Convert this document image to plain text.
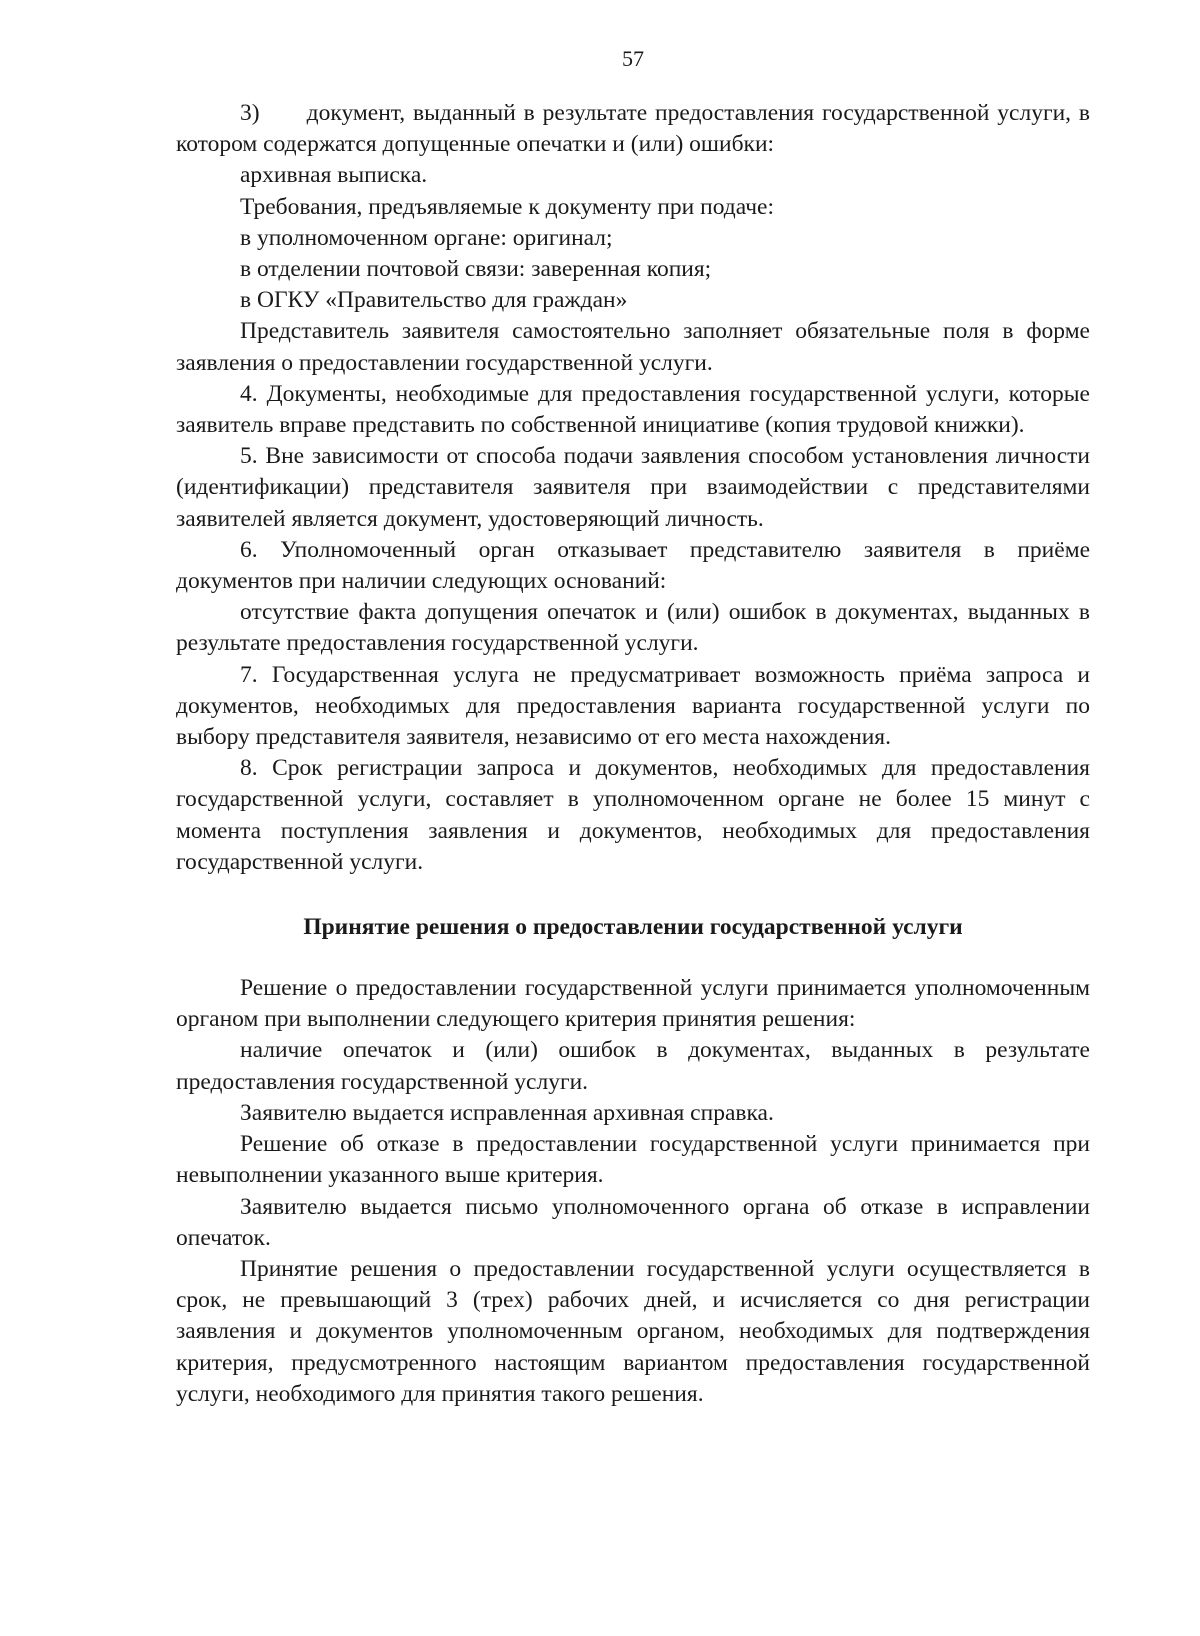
57

3)      документ, выданный в результате предоставления государственной услуги, в котором содержатся допущенные опечатки и (или) ошибки:

архивная выписка.

Требования, предъявляемые к документу при подаче:

в уполномоченном органе: оригинал;

в отделении почтовой связи: заверенная копия;

в ОГКУ «Правительство для граждан»

Представитель заявителя самостоятельно заполняет обязательные поля в форме заявления о предоставлении государственной услуги.

4. Документы, необходимые для предоставления государственной услуги, которые заявитель вправе представить по собственной инициативе (копия трудовой книжки).

5. Вне зависимости от способа подачи заявления способом установления личности (идентификации) представителя заявителя при взаимодействии с представителями заявителей является документ, удостоверяющий личность.

6. Уполномоченный орган отказывает представителю заявителя в приёме документов при наличии следующих оснований:

отсутствие факта допущения опечаток и (или) ошибок в документах, выданных в результате предоставления государственной услуги.

7. Государственная услуга не предусматривает возможность приёма запроса и документов, необходимых для предоставления варианта государственной услуги по выбору представителя заявителя, независимо от его места нахождения.

8. Срок регистрации запроса и документов, необходимых для предоставления государственной услуги, составляет в уполномоченном органе не более 15 минут с момента поступления заявления и документов, необходимых для предоставления государственной услуги.

Принятие решения о предоставлении государственной услуги

Решение о предоставлении государственной услуги принимается уполномоченным органом при выполнении следующего критерия принятия решения:

наличие опечаток и (или) ошибок в документах, выданных в результате предоставления государственной услуги.

Заявителю выдается исправленная архивная справка.

Решение об отказе в предоставлении государственной услуги принимается при невыполнении указанного выше критерия.

Заявителю выдается письмо уполномоченного органа об отказе в исправлении опечаток.

Принятие решения о предоставлении государственной услуги осуществляется в срок, не превышающий 3 (трех) рабочих дней, и исчисляется со дня регистрации заявления и документов уполномоченным органом, необходимых для подтверждения критерия, предусмотренного настоящим вариантом предоставления государственной услуги, необходимого для принятия такого решения.
